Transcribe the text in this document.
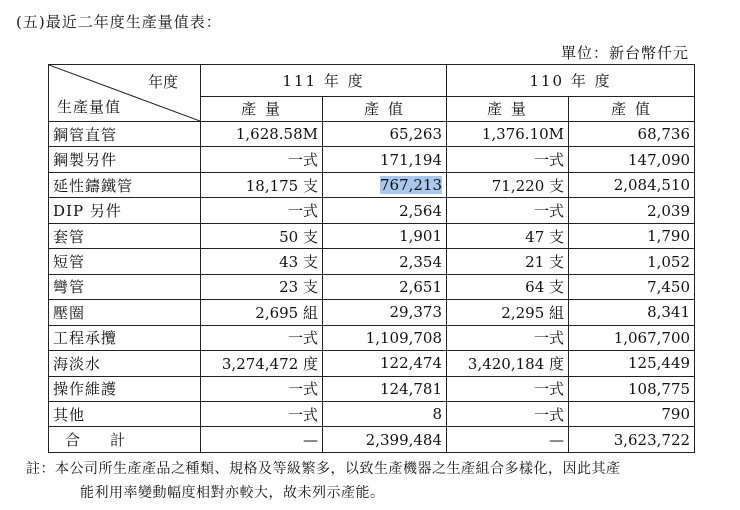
(五)最近二年度生產量值表：
單位：新台幣仟元
年度
生產量值	111 年 度		110 年 度	
	產 量	產 值	產 量	產 值
鋼管直管	1,628.58M	65,263	1,376.10M	68,736
鋼製另件	一式	171,194	一式	147,090
延性鑄鐵管	18,175 支	767,213	71,220 支	2,084,510
DIP 另件	一式	2,564	一式	2,039
套管	50 支	1,901	47 支	1,790
短管	43 支	2,354	21 支	1,052
彎管	23 支	2,651	64 支	7,450
壓圈	2,695 組	29,373	2,295 組	8,341
工程承攬	一式	1,109,708	一式	1,067,700
海淡水	3,274,472 度	122,474	3,420,184 度	125,449
操作維護	一式	124,781	一式	108,775
其他	一式	8	一式	790
合計	—	2,399,484	—	3,623,722
註：本公司所生產產品之種類、規格及等級繁多，以致生產機器之生產組合多樣化，因此其產
能利用率變動幅度相對亦較大，故未列示產能。
